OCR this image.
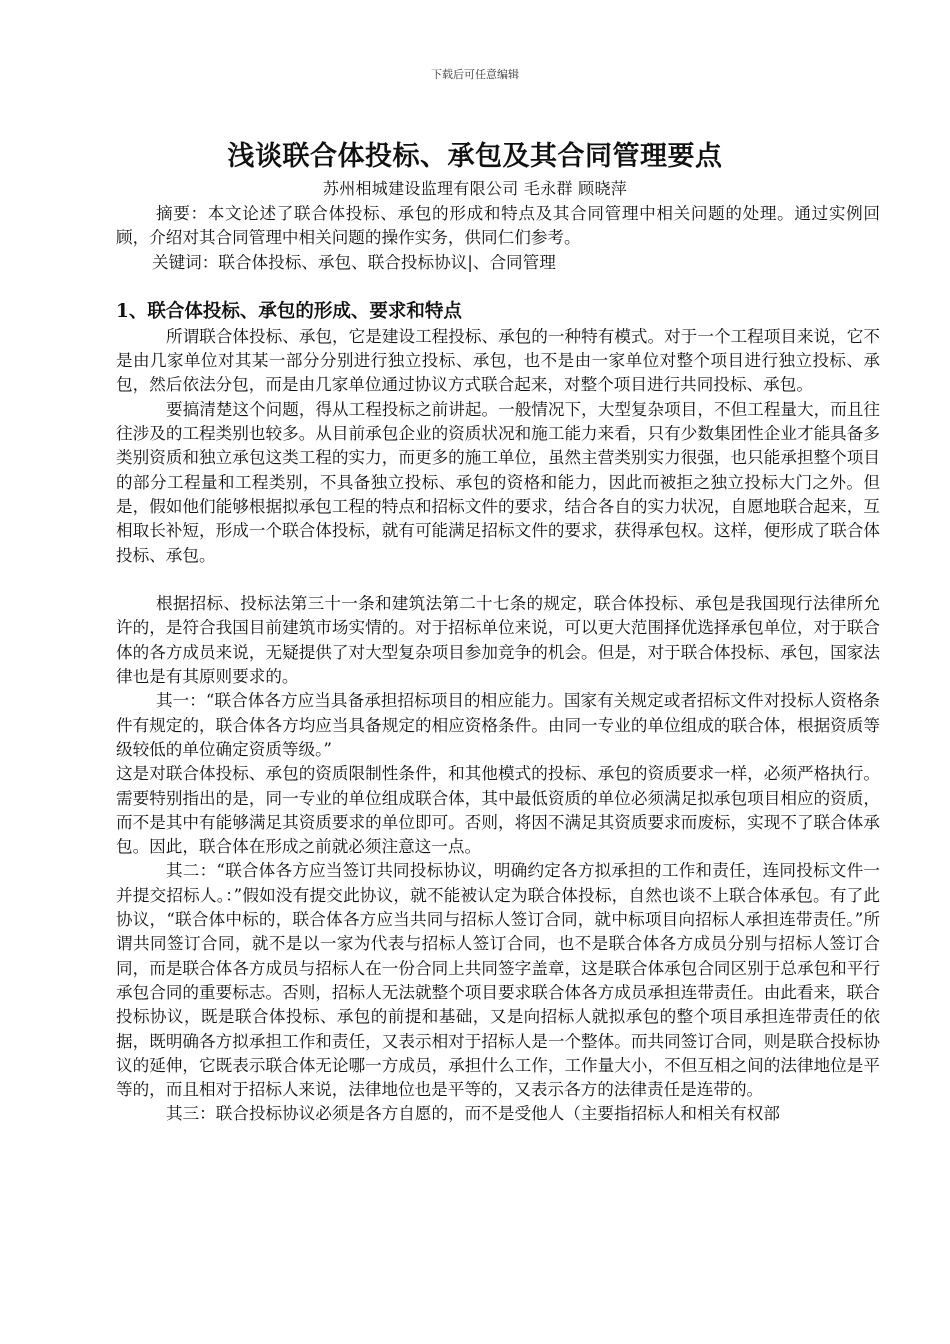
下载后可任意编辑
浅谈联合体投标、承包及其合同管理要点
苏州相城建设监理有限公司 毛永群 顾晓萍

摘要：本文论述了联合体投标、承包的形成和特点及其合同管理中相关问题的处理。通过实例回顾，介绍对其合同管理中相关问题的操作实务，供同仁们参考。

关键词：联合体投标、承包、联合投标协议|、合同管理

1、联合体投标、承包的形成、要求和特点

所谓联合体投标、承包，它是建设工程投标、承包的一种特有模式。对于一个工程项目来说，它不是由几家单位对其某一部分分别进行独立投标、承包，也不是由一家单位对整个项目进行独立投标、承包，然后依法分包，而是由几家单位通过协议方式联合起来，对整个项目进行共同投标、承包。

要搞清楚这个问题，得从工程投标之前讲起。一般情况下，大型复杂项目，不但工程量大，而且往往涉及的工程类别也较多。从目前承包企业的资质状况和施工能力来看，只有少数集团性企业才能具备多类别资质和独立承包这类工程的实力，而更多的施工单位，虽然主营类别实力很强，也只能承担整个项目的部分工程量和工程类别，不具备独立投标、承包的资格和能力，因此而被拒之独立投标大门之外。但是，假如他们能够根据拟承包工程的特点和招标文件的要求，结合各自的实力状况，自愿地联合起来，互相取长补短，形成一个联合体投标，就有可能满足招标文件的要求，获得承包权。这样，便形成了联合体投标、承包。

根据招标、投标法第三十一条和建筑法第二十七条的规定，联合体投标、承包是我国现行法律所允许的，是符合我国目前建筑市场实情的。对于招标单位来说，可以更大范围择优选择承包单位，对于联合体的各方成员来说，无疑提供了对大型复杂项目参加竞争的机会。但是，对于联合体投标、承包，国家法律也是有其原则要求的。

其一：“联合体各方应当具备承担招标项目的相应能力。国家有关规定或者招标文件对投标人资格条件有规定的，联合体各方均应当具备规定的相应资格条件。由同一专业的单位组成的联合体，根据资质等级较低的单位确定资质等级。”

这是对联合体投标、承包的资质限制性条件，和其他模式的投标、承包的资质要求一样，必须严格执行。需要特别指出的是，同一专业的单位组成联合体，其中最低资质的单位必须满足拟承包项目相应的资质，而不是其中有能够满足其资质要求的单位即可。否则，将因不满足其资质要求而废标，实现不了联合体承包。因此，联合体在形成之前就必须注意这一点。

其二：“联合体各方应当签订共同投标协议，明确约定各方拟承担的工作和责任，连同投标文件一并提交招标人。：”假如没有提交此协议，就不能被认定为联合体投标，自然也谈不上联合体承包。有了此协议，“联合体中标的，联合体各方应当共同与招标人签订合同，就中标项目向招标人承担连带责任。”所谓共同签订合同，就不是以一家为代表与招标人签订合同，也不是联合体各方成员分别与招标人签订合同，而是联合体各方成员与招标人在一份合同上共同签字盖章，这是联合体承包合同区别于总承包和平行承包合同的重要标志。否则，招标人无法就整个项目要求联合体各方成员承担连带责任。由此看来，联合投标协议，既是联合体投标、承包的前提和基础，又是向招标人就拟承包的整个项目承担连带责任的依据，既明确各方拟承担工作和责任，又表示相对于招标人是一个整体。而共同签订合同，则是联合投标协议的延伸，它既表示联合体无论哪一方成员，承担什么工作，工作量大小，不但互相之间的法律地位是平等的，而且相对于招标人来说，法律地位也是平等的，又表示各方的法律责任是连带的。

其三：联合投标协议必须是各方自愿的，而不是受他人（主要指招标人和相关有权部
